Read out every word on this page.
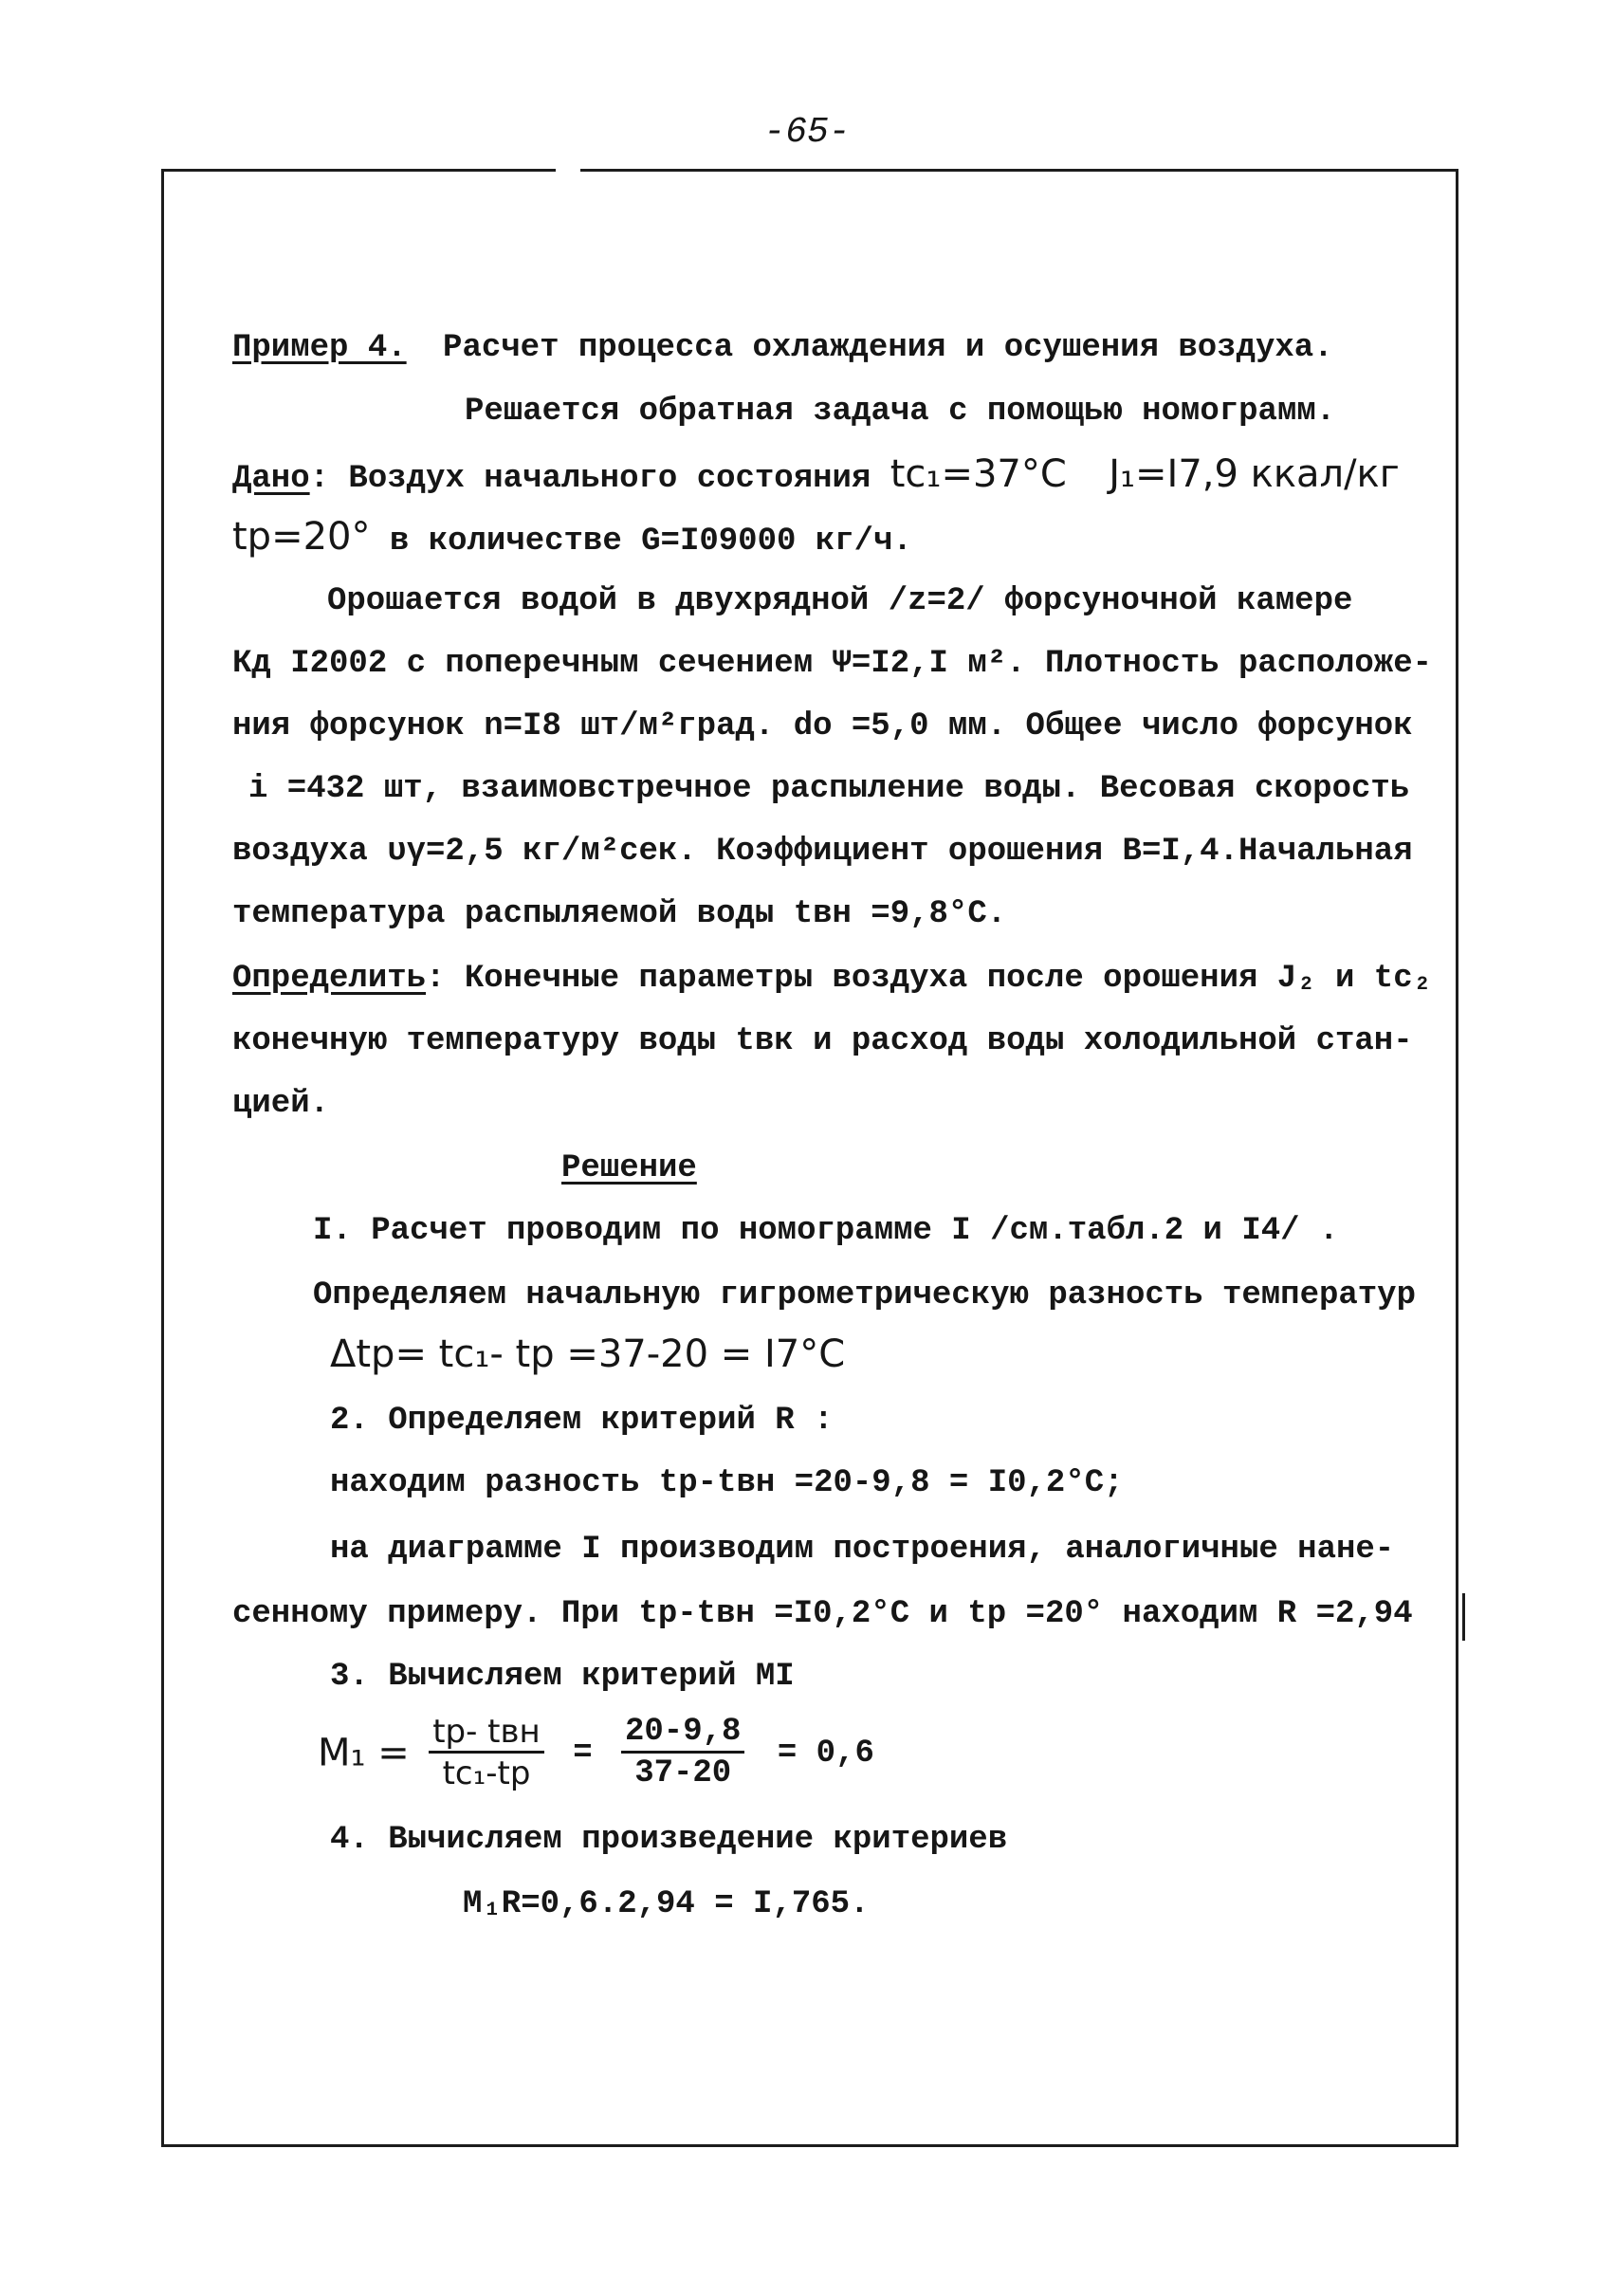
-65-
Пример 4. Расчет процесса охлаждения и осушения воздуха.
Решается обратная задача с помощью номограмм.
Дано: Воздух начального состояния tc₁=37°C J₁=I7,9 ккал/кг
tр=20° в количестве G=I09000 кг/ч.
Орошается водой в двухрядной /z=2/ форсуночной камере
Кд I2002 с поперечным сечением Ψ=I2,I м². Плотность расположе-
ния форсунок n=I8 шт/м²град. do =5,0 мм. Общее число форсунок
i =432 шт, взаимовстречное распыление воды. Весовая скорость
воздуха υγ=2,5 кг/м²сек. Коэффициент орошения B=I,4.Начальная
температура распыляемой воды tвн =9,8°C.
Определить: Конечные параметры воздуха после орошения J₂ и tc₂
конечную температуру воды tвк и расход воды холодильной стан-
цией.
Решение
I. Расчет проводим по номограмме I /см.табл.2 и I4/ .
Определяем начальную гигрометрическую разность температур
Δtр= tc₁- tр =37-20 = I7°C
2. Определяем критерий R :
находим разность tр-tвн =20-9,8 = I0,2°C;
на диаграмме I производим построения, аналогичные нане-
сенному примеру. При tр-tвн =I0,2°C и tр =20° находим R =2,94
3. Вычисляем критерий MI
$M_1 = \frac{\text{tр- tвн}}{\text{tc₁-tр}} = \frac{20-9,8}{37-20} = 0,6$
4. Вычисляем произведение критериев
M₁R=0,6.2,94 = I,765.
